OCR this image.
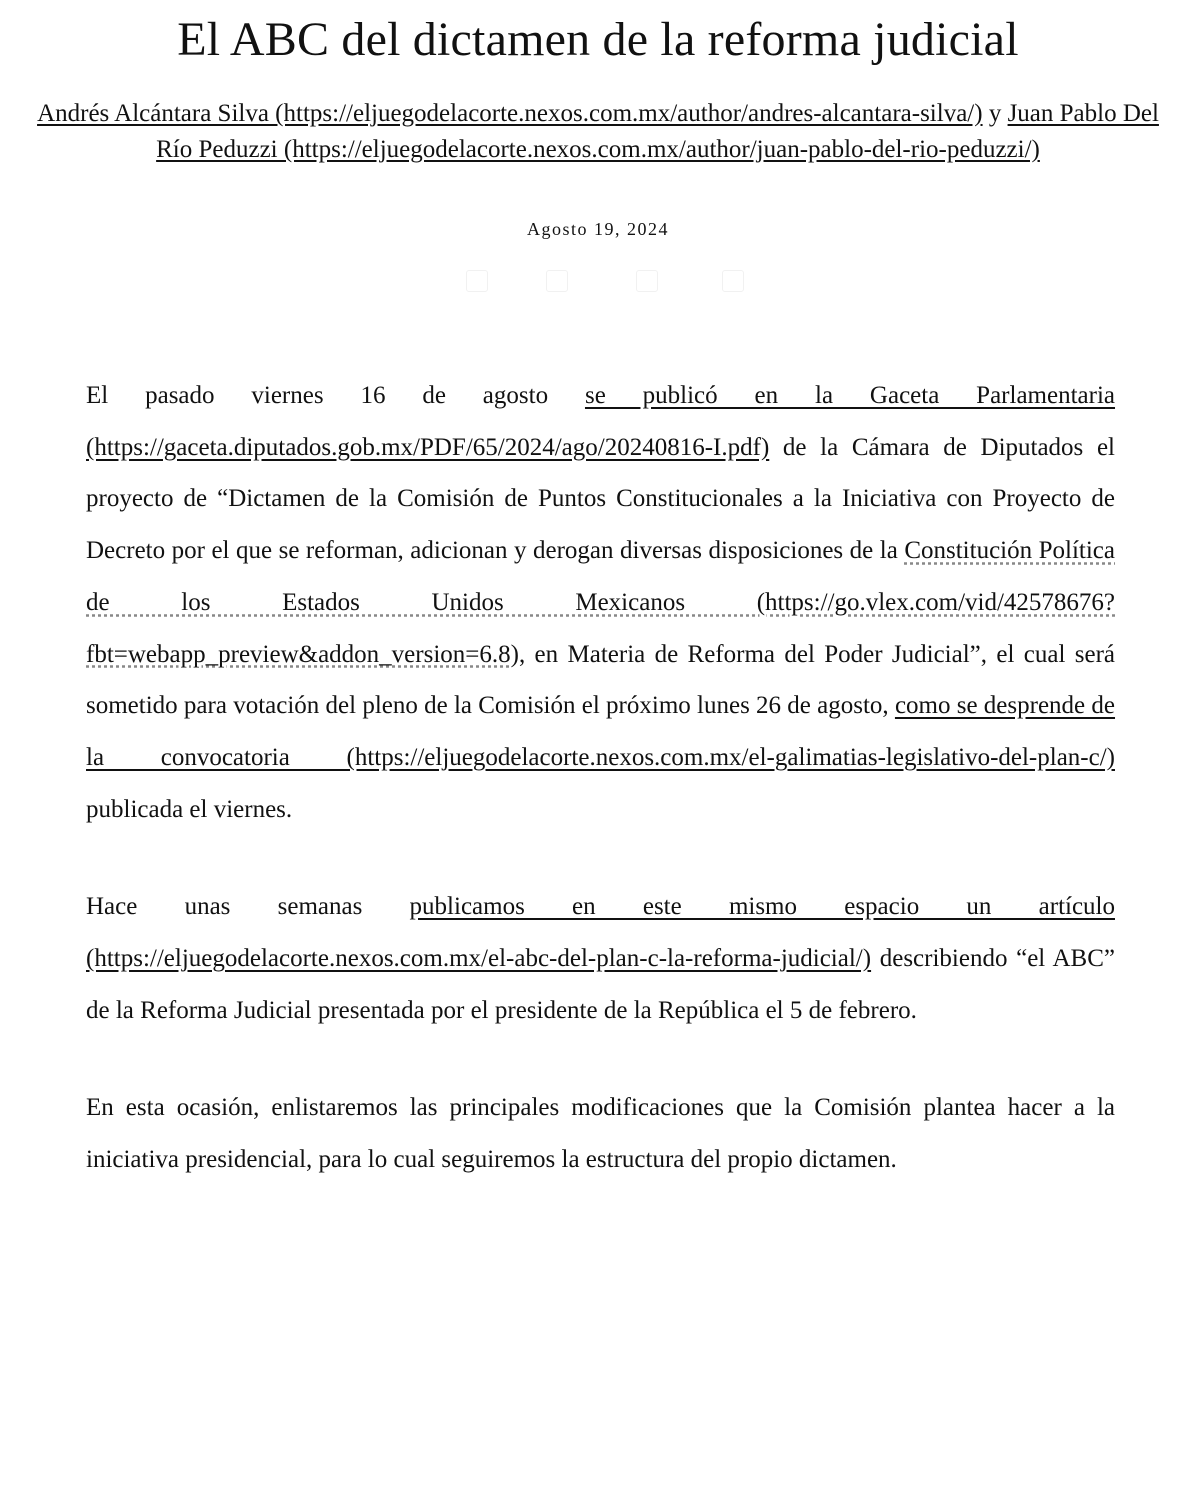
El ABC del dictamen de la reforma judicial
Andrés Alcántara Silva (https://eljuegodelacorte.nexos.com.mx/author/andres-alcantara-silva/) y Juan Pablo Del Río Peduzzi (https://eljuegodelacorte.nexos.com.mx/author/juan-pablo-del-rio-peduzzi/)
Agosto 19, 2024

El pasado viernes 16 de agosto se publicó en la Gaceta Parlamentaria (https://gaceta.diputados.gob.mx/PDF/65/2024/ago/20240816-I.pdf) de la Cámara de Diputados el proyecto de “Dictamen de la Comisión de Puntos Constitucionales a la Iniciativa con Proyecto de Decreto por el que se reforman, adicionan y derogan diversas disposiciones de la Constitución Política de los Estados Unidos Mexicanos (https://go.vlex.com/vid/42578676?fbt=webapp_preview&addon_version=6.8), en Materia de Reforma del Poder Judicial”, el cual será sometido para votación del pleno de la Comisión el próximo lunes 26 de agosto, como se desprende de la convocatoria (https://eljuegodelacorte.nexos.com.mx/el-galimatias-legislativo-del-plan-c/) publicada el viernes.

Hace unas semanas publicamos en este mismo espacio un artículo (https://eljuegodelacorte.nexos.com.mx/el-abc-del-plan-c-la-reforma-judicial/) describiendo “el ABC” de la Reforma Judicial presentada por el presidente de la República el 5 de febrero.

En esta ocasión, enlistaremos las principales modificaciones que la Comisión plantea hacer a la iniciativa presidencial, para lo cual seguiremos la estructura del propio dictamen.
